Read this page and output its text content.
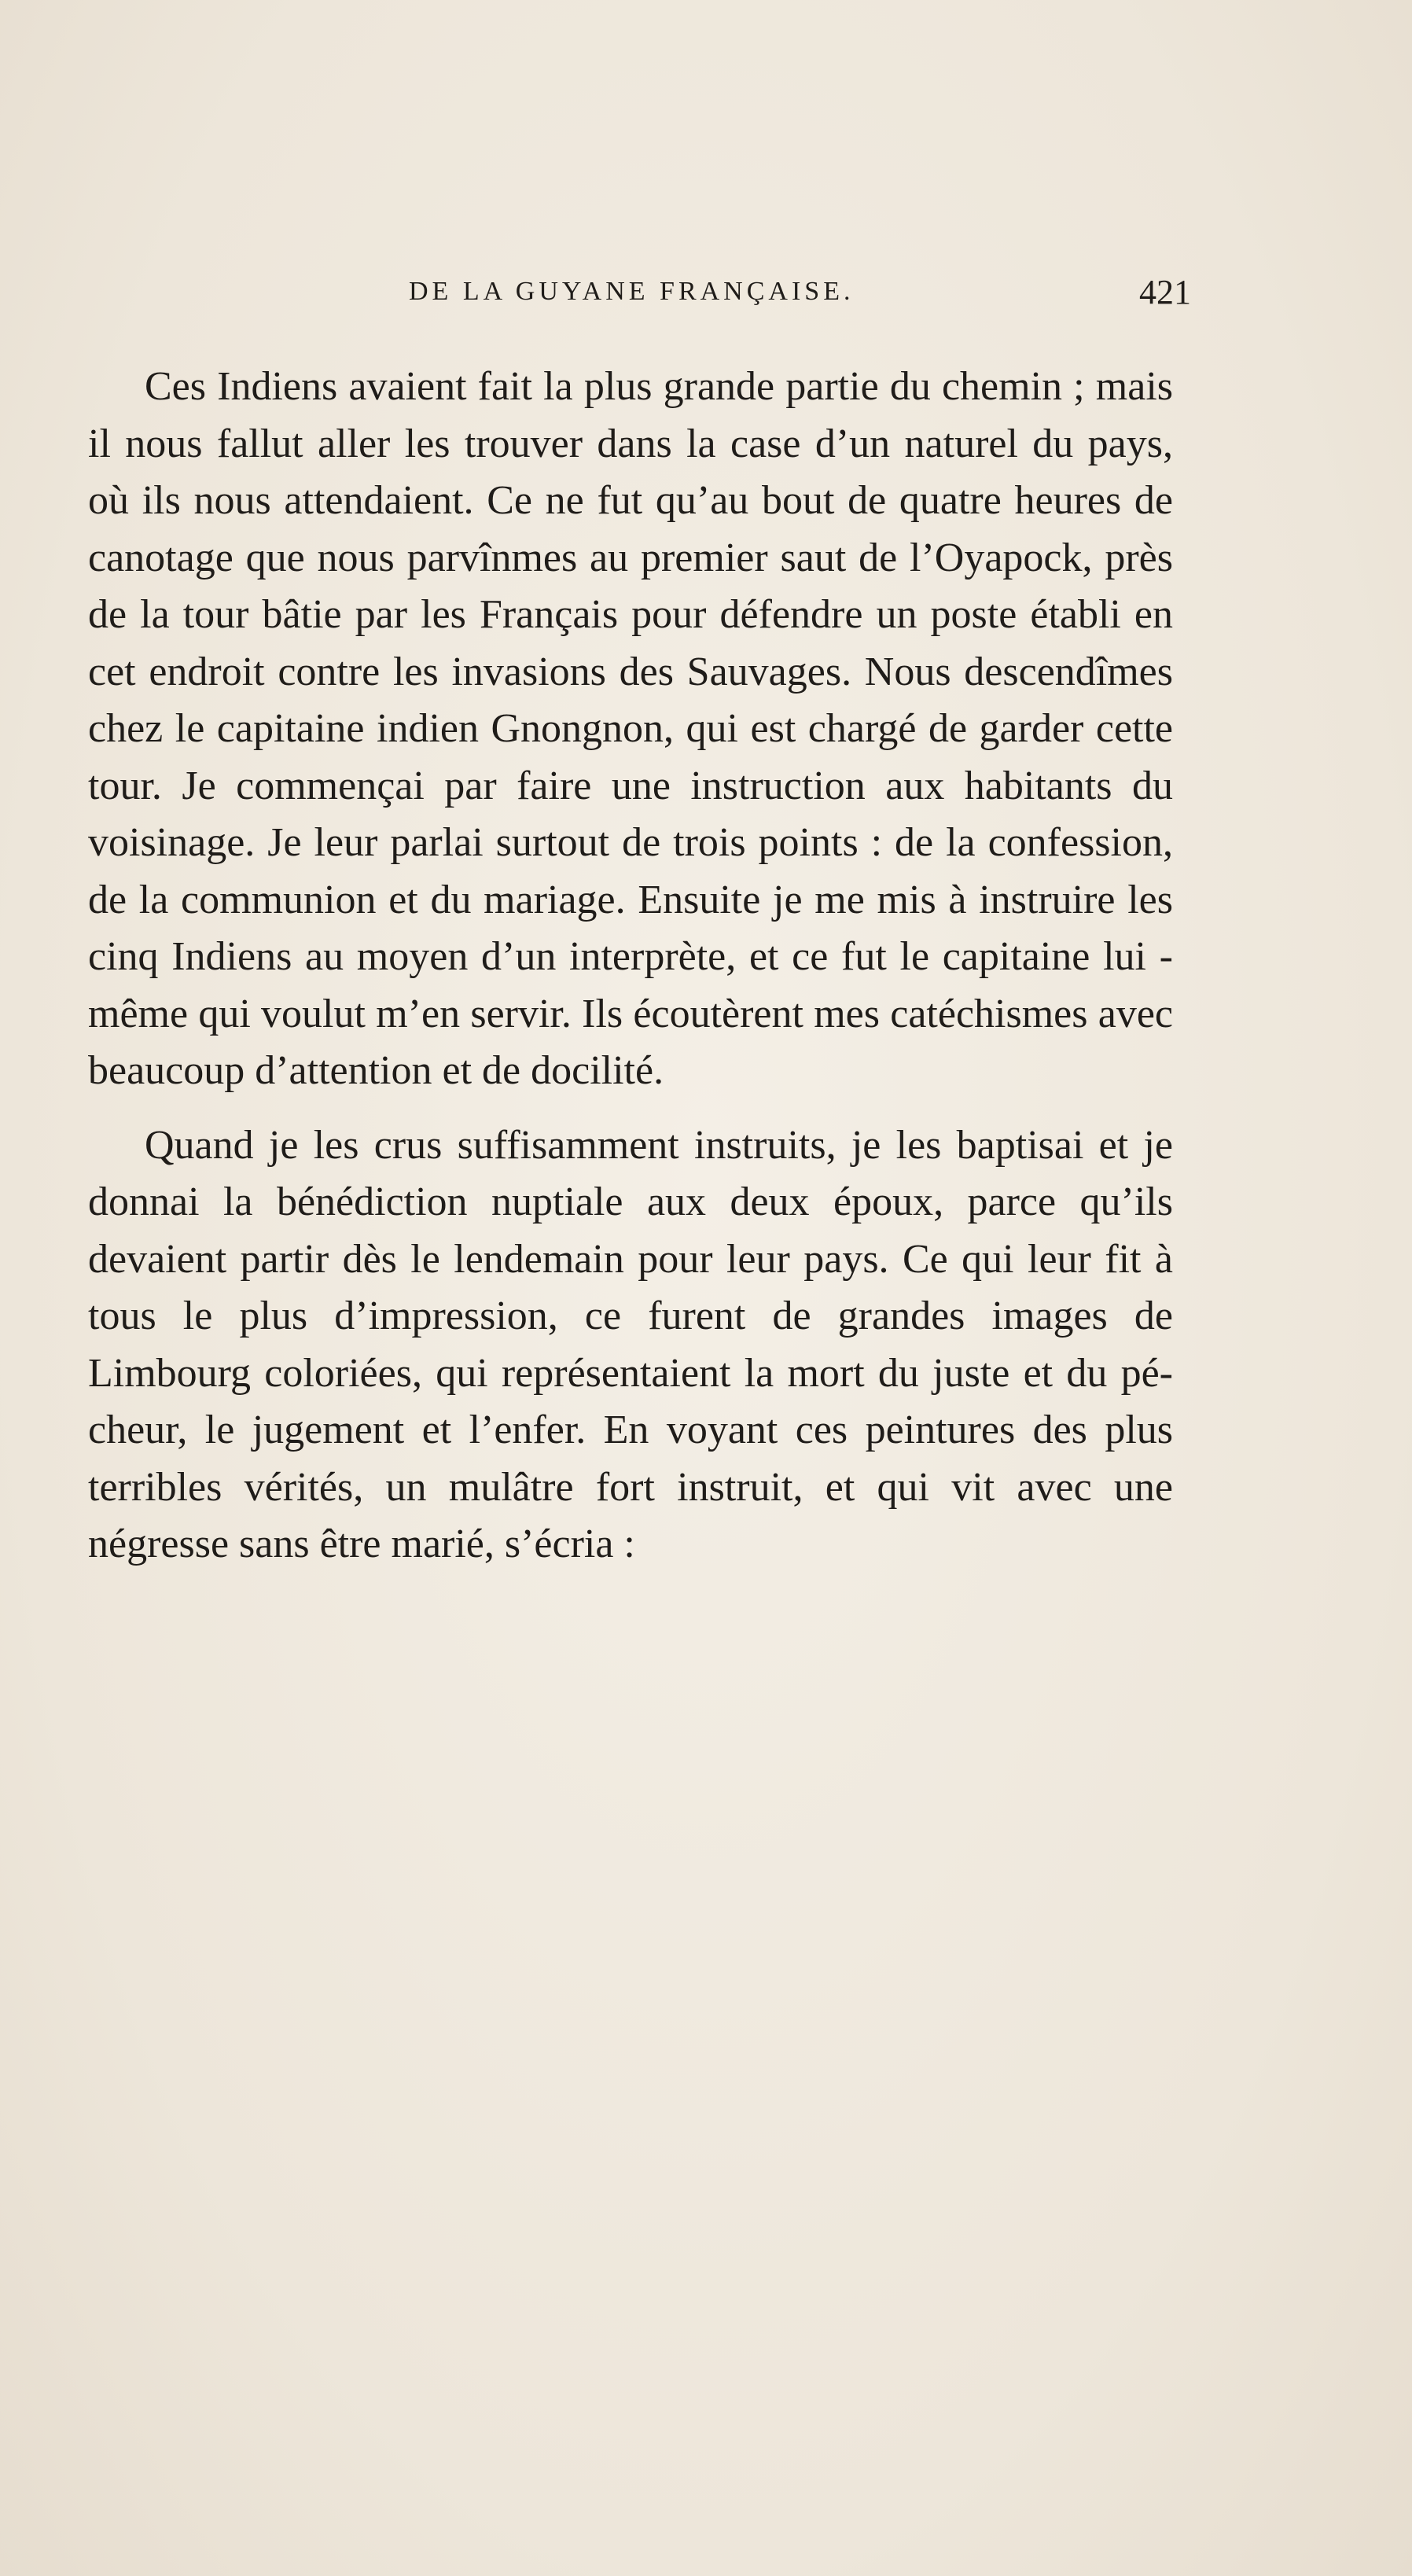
DE LA GUYANE FRANÇAISE.	421

Ces Indiens avaient fait la plus grande partie du chemin ; mais il nous fallut aller les trouver dans la case d’un naturel du pays, où ils nous attendaient. Ce ne fut qu’au bout de quatre heures de canotage que nous parvînmes au premier saut de l’Oyapock, près de la tour bâtie par les Français pour défendre un poste établi en cet endroit contre les invasions des Sauvages. Nous descendîmes chez le capitaine indien Gnongnon, qui est chargé de garder cette tour. Je commençai par faire une instruction aux habitants du voisinage. Je leur parlai surtout de trois points : de la confession, de la communion et du mariage. Ensuite je me mis à instruire les cinq Indiens au moyen d’un interprète, et ce fut le capitaine lui - même qui voulut m’en servir. Ils écoutèrent mes catéchismes avec beaucoup d’attention et de docilité.

Quand je les crus suffisamment instruits, je les baptisai et je donnai la bénédiction nuptiale aux deux époux, parce qu’ils devaient partir dès le lendemain pour leur pays. Ce qui leur fit à tous le plus d’impression, ce furent de grandes images de Limbourg coloriées, qui représentaient la mort du juste et du pécheur, le jugement et l’enfer. En voyant ces peintures des plus terribles vérités, un mulâtre fort instruit, et qui vit avec une négresse sans être marié, s’écria :
